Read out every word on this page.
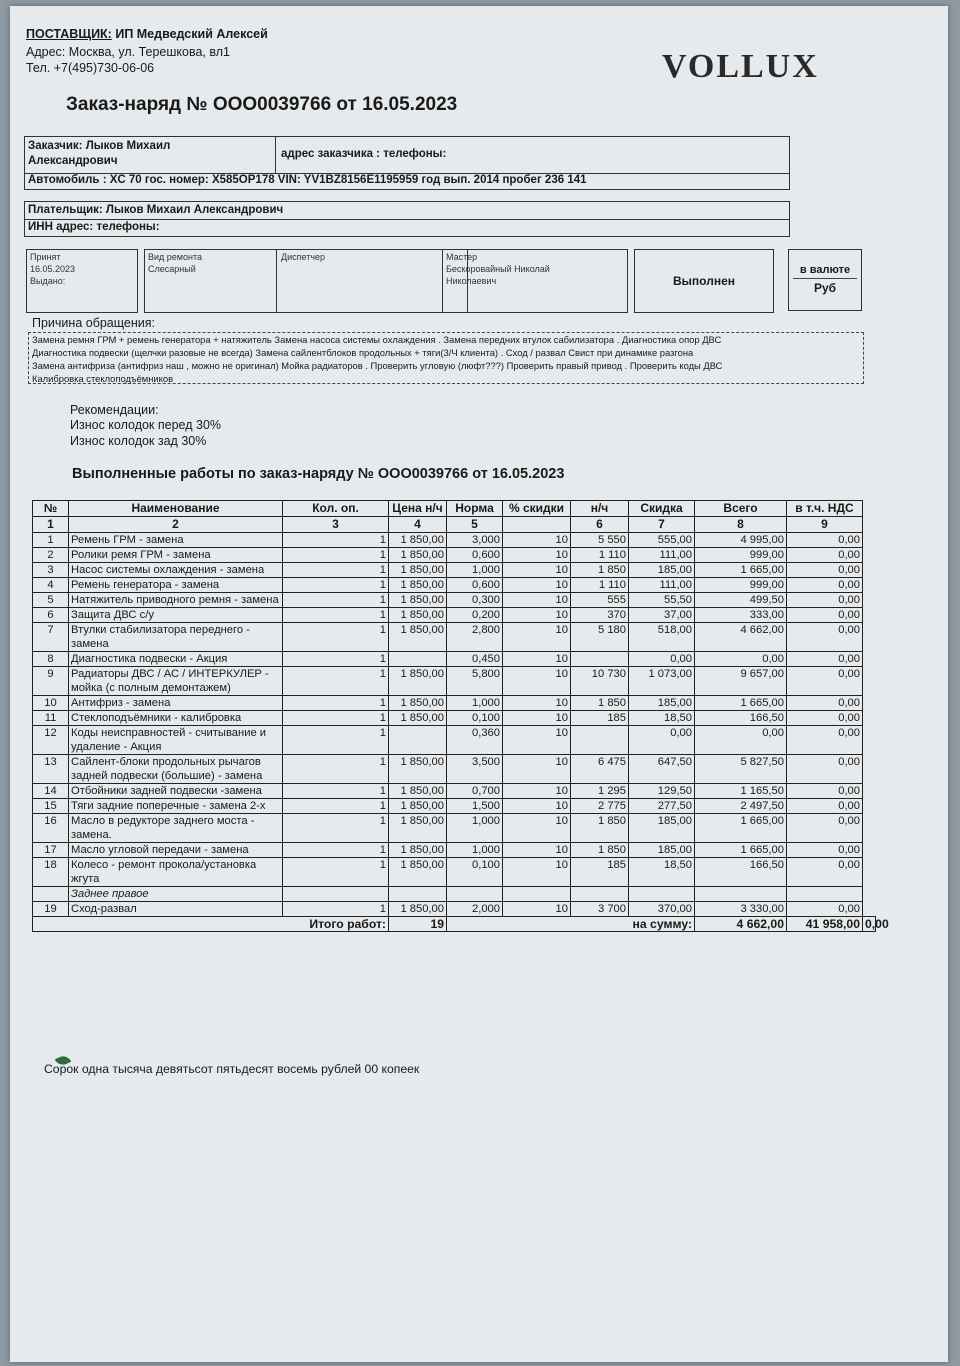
ПОСТАВЩИК: ИП Медведский Алексей
Адрес: Москва, ул. Терешкова, вл1
Тел. +7(495)730-06-06	VOLLUX
Заказ-наряд № ООО0039766 от 16.05.2023
Заказчик: Лыков Михаил
Александрович
адрес заказчика : телефоны:
Автомобиль : XC 70 гос. номер: X585OP178 VIN: YV1BZ8156E1195959 год вып. 2014 пробег 236 141
Плательщик: Лыков Михаил Александрович
ИНН адрес: телефоны:
Принят
16.05.2023
Выдано:
Вид ремонта
Слесарный
Диспетчер	Мастер
Бескоровайный Николай
Николаевич	Выполнен
в валюте
Руб
Причина обращения:
Замена ремня ГРМ + ремень генератора + натяжитель Замена насоса системы охлаждения . Замена передних втулок сабилизатора . Диагностика опор ДВС
Диагностика подвески (щелчки разовые не всегда) Замена сайлентблоков продольных + тяги(3/Ч клиента) . Сход / развал Свист при динамике разгона
Замена антифриза (антифриз наш , можно не оригинал) Мойка радиаторов . Проверить угловую (люфт???) Проверить правый привод . Проверить коды ДВС
Калибровка стеклоподъёмников
Рекомендации:
Износ колодок перед 30%
Износ колодок зад 30%
Выполненные работы по заказ-наряду № ООО0039766 от 16.05.2023
№	Наименование	Кол. оп.	Цена н/ч	Норма	% скидки	н/ч	Скидка	Всего	в т.ч. НДС	
1	2	3	4	5		6	7	8	9	
1	Ремень ГРМ - замена	1	1 850,00	3,000	10	5 550	555,00	4 995,00	0,00	
2	Ролики ремя ГРМ - замена	1	1 850,00	0,600	10	1 110	111,00	999,00	0,00	
3	Насос системы охлаждения - замена	1	1 850,00	1,000	10	1 850	185,00	1 665,00	0,00	
4	Ремень генератора - замена	1	1 850,00	0,600	10	1 110	111,00	999,00	0,00	
5	Натяжитель приводного ремня - замена	1	1 850,00	0,300	10	555	55,50	499,50	0,00	
6	Защита ДВС с/у	1	1 850,00	0,200	10	370	37,00	333,00	0,00	
7	Втулки стабилизатора переднего - замена	1	1 850,00	2,800	10	5 180	518,00	4 662,00	0,00	
8	Диагностика подвески - Акция	1		0,450	10		0,00	0,00	0,00	
9	Радиаторы ДВС / АС / ИНТЕРКУЛЕР - мойка (с полным демонтажем)	1	1 850,00	5,800	10	10 730	1 073,00	9 657,00	0,00	
10	Антифриз - замена	1	1 850,00	1,000	10	1 850	185,00	1 665,00	0,00	
11	Стеклоподъёмники - калибровка	1	1 850,00	0,100	10	185	18,50	166,50	0,00	
12	Коды неисправностей - считывание и удаление - Акция	1		0,360	10		0,00	0,00	0,00	
13	Сайлент-блоки продольных рычагов задней подвески (большие) - замена	1	1 850,00	3,500	10	6 475	647,50	5 827,50	0,00	
14	Отбойники задней подвески -замена	1	1 850,00	0,700	10	1 295	129,50	1 165,50	0,00	
15	Тяги задние поперечные - замена 2-х	1	1 850,00	1,500	10	2 775	277,50	2 497,50	0,00	
16	Масло в редукторе заднего моста - замена.	1	1 850,00	1,000	10	1 850	185,00	1 665,00	0,00	
17	Масло угловой передачи - замена	1	1 850,00	1,000	10	1 850	185,00	1 665,00	0,00	
18	Колесо - ремонт прокола/установка жгута	1	1 850,00	0,100	10	185	18,50	166,50	0,00	
	Заднее правое									
19	Сход-развал	1	1 850,00	2,000	10	3 700	370,00	3 330,00	0,00	
Итого работ:			19	на сумму:				4 662,00	41 958,00	0,00
Сорок одна тысяча девятьсот пятьдесят восемь рублей 00 копеек
